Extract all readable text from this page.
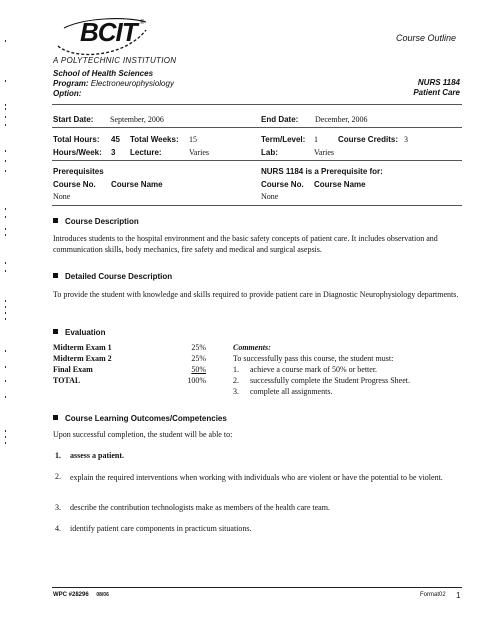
®
BCIT
A POLYTECHNIC INSTITUTION
Course Outline
School of Health Sciences
Program: Electroneurophysiology
Option:
NURS 1184
Patient Care
Start Date: September, 2006	End Date: December, 2006
Total Hours: 45 Total Weeks: 15	Term/Level: 1	Course Credits: 3
Hours/Week: 3 Lecture:	Varies	Lab:	Varies
Prerequisites
Course No. Course Name
None
NURS 1184 is a Prerequisite for:
Course No. Course Name
None
Course Description
Introduces students to the hospital environment and the basic safety concepts of patient care. It includes observation and communication skills, body mechanics, fire safety and medical and surgical asepsis.
Detailed Course Description
To provide the student with knowledge and skills required to provide patient care in Diagnostic Neurophysiology departments.
Evaluation
Midterm Exam 1	25%
Midterm Exam 2	25%
Final Exam	50%
TOTAL	100%
Comments:
To successfully pass this course, the student must:
1. achieve a course mark of 50% or better.
2. successfully complete the Student Progress Sheet.
3. complete all assignments.
Course Learning Outcomes/Competencies
Upon successful completion, the student will be able to:
1. assess a patient.
2. explain the required interventions when working with individuals who are violent or have the potential to be violent.
3. describe the contribution technologists make as members of the health care team.
4. identify patient care components in practicum situations.
WPC #28296 08/06	Format02 1
